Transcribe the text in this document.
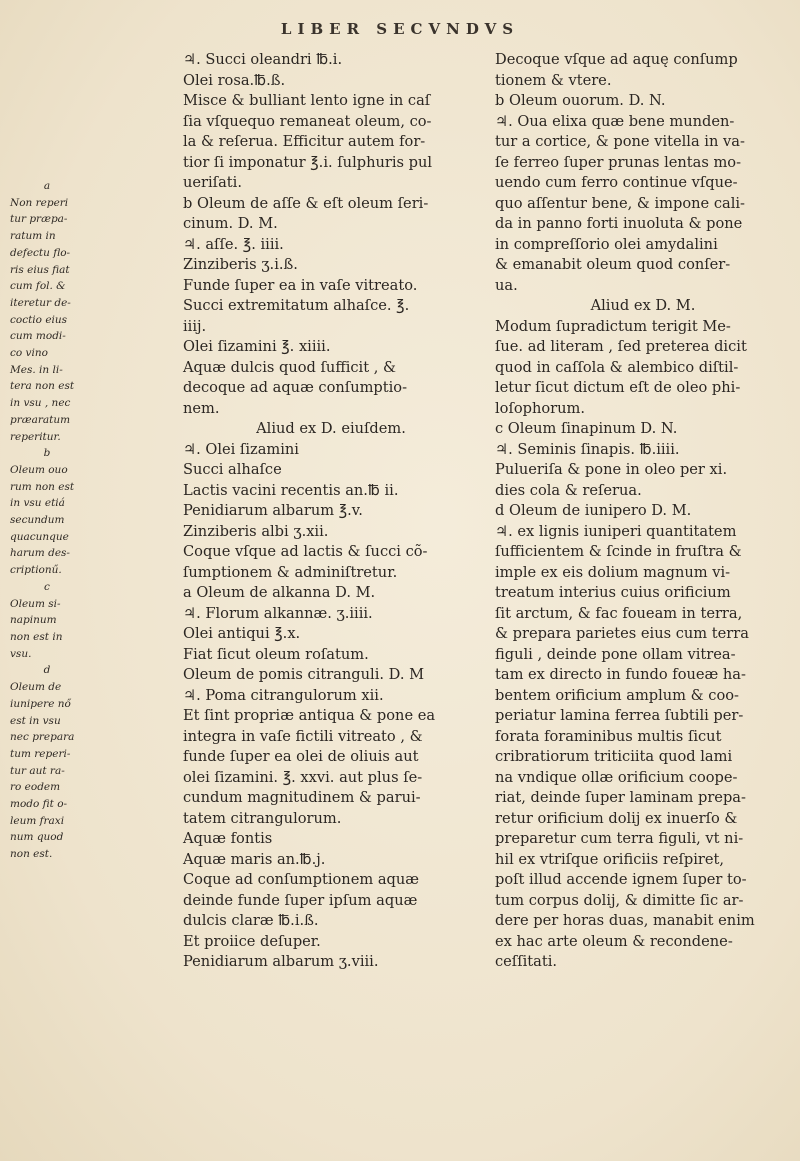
LIBER SECVNDVS
a
Non reperi
tur præpa-
ratum in
defectu flo-
ris eius fiat
cum fol. &
iteretur de-
coctio eius
cum modi-
co vino
Mes. in li-
tera non est
in vsu , nec
præaratum
reperitur.
b
Oleum ouo
rum non est
in vsu etiá
secundum
quacunque
harum des-
criptionű.
c
Oleum si-
napinum
non est in
vsu.
d
Oleum de
iunipere nő
est in vsu
nec prepara
tum reperi-
tur aut ra-
ro eodem
modo fit o-
leum fraxi
num quod
non est.
♃. Succi oleandri ℔.i.
Olei rosa.℔.ß.
Misce & bulliant lento igne in caſ
ſia vſquequo remaneat oleum, co-
la & reſerua. Efficitur autem for-
tior ſi imponatur ℥.i. ſulphuris pul
ueriſati.
b Oleum de aſſe & eſt oleum ſeri-
cinum. D. M.
♃. aſſe. ℥. iiii.
Zinziberis ʒ.i.ß.
Funde ſuper ea in vaſe vitreato.
Succi extremitatum alhaſce. ℥.
iiij.
Olei ſizamini ℥. xiiii.
Aquæ dulcis quod ſufficit , &
decoque ad aquæ conſumptio-
nem.
Aliud ex D. eiuſdem.
♃. Olei ſizamini
Succi alhaſce
Lactis vacini recentis an.℔ ii.
Penidiarum albarum ℥.v.
Zinziberis albi ʒ.xii.
Coque vſque ad lactis & ſucci cõ-
ſumptionem & adminiſtretur.
a Oleum de alkanna D. M.
♃. Florum alkannæ. ʒ.iiii.
Olei antiqui ℥.x.
Fiat ſicut oleum roſatum.
Oleum de pomis citranguli. D. M
♃. Poma citrangulorum xii.
Et ſint propriæ antiqua & pone ea
integra in vaſe fictili vitreato , &
funde ſuper ea olei de oliuis aut
olei ſizamini. ℥. xxvi. aut plus ſe-
cundum magnitudinem & parui-
tatem citrangulorum.
Aquæ fontis
Aquæ maris an.℔.j.
Coque ad conſumptionem aquæ
deinde funde ſuper ipſum aquæ
dulcis claræ ℔.i.ß.
Et proiice deſuper.
Penidiarum albarum ʒ.viii.
Decoque vſque ad aquę conſump
tionem & vtere.
b Oleum ouorum. D. N.
♃. Oua elixa quæ bene munden-
tur a cortice, & pone vitella in va-
ſe ferreo ſuper prunas lentas mo-
uendo cum ferro continue vſque-
quo aſſentur bene, & impone cali-
da in panno forti inuoluta & pone
in compreſſorio olei amydalini
& emanabit oleum quod conſer-
ua.
Aliud ex D. M.
Modum ſupradictum terigit Me-
ſue. ad literam , ſed preterea dicit
quod in caſſola & alembico diſtil-
letur ſicut dictum eſt de oleo phi-
loſophorum.
c Oleum ſinapinum D. N.
♃. Seminis ſinapis. ℔.iiii.
Pulueriſa & pone in oleo per xi.
dies cola & reſerua.
d Oleum de iunipero D. M.
♃. ex lignis iuniperi quantitatem
ſufficientem & ſcinde in fruſtra &
imple ex eis dolium magnum vi-
treatum interius cuius orificium
ſit arctum, & fac foueam in terra,
& prepara parietes eius cum terra
figuli , deinde pone ollam vitrea-
tam ex directo in fundo foueæ ha-
bentem orificium amplum & coo-
periatur lamina ferrea ſubtili per-
forata foraminibus multis ſicut
cribratiorum triticiita quod lami
na vndique ollæ orificium coope-
riat, deinde ſuper laminam prepa-
retur orificium dolij ex inuerſo &
preparetur cum terra figuli, vt ni-
hil ex vtriſque orificiis reſpiret,
poſt illud accende ignem ſuper to-
tum corpus dolij, & dimitte ſic ar-
dere per horas duas, manabit enim
ex hac arte oleum & recondene-
ceſſitati.
